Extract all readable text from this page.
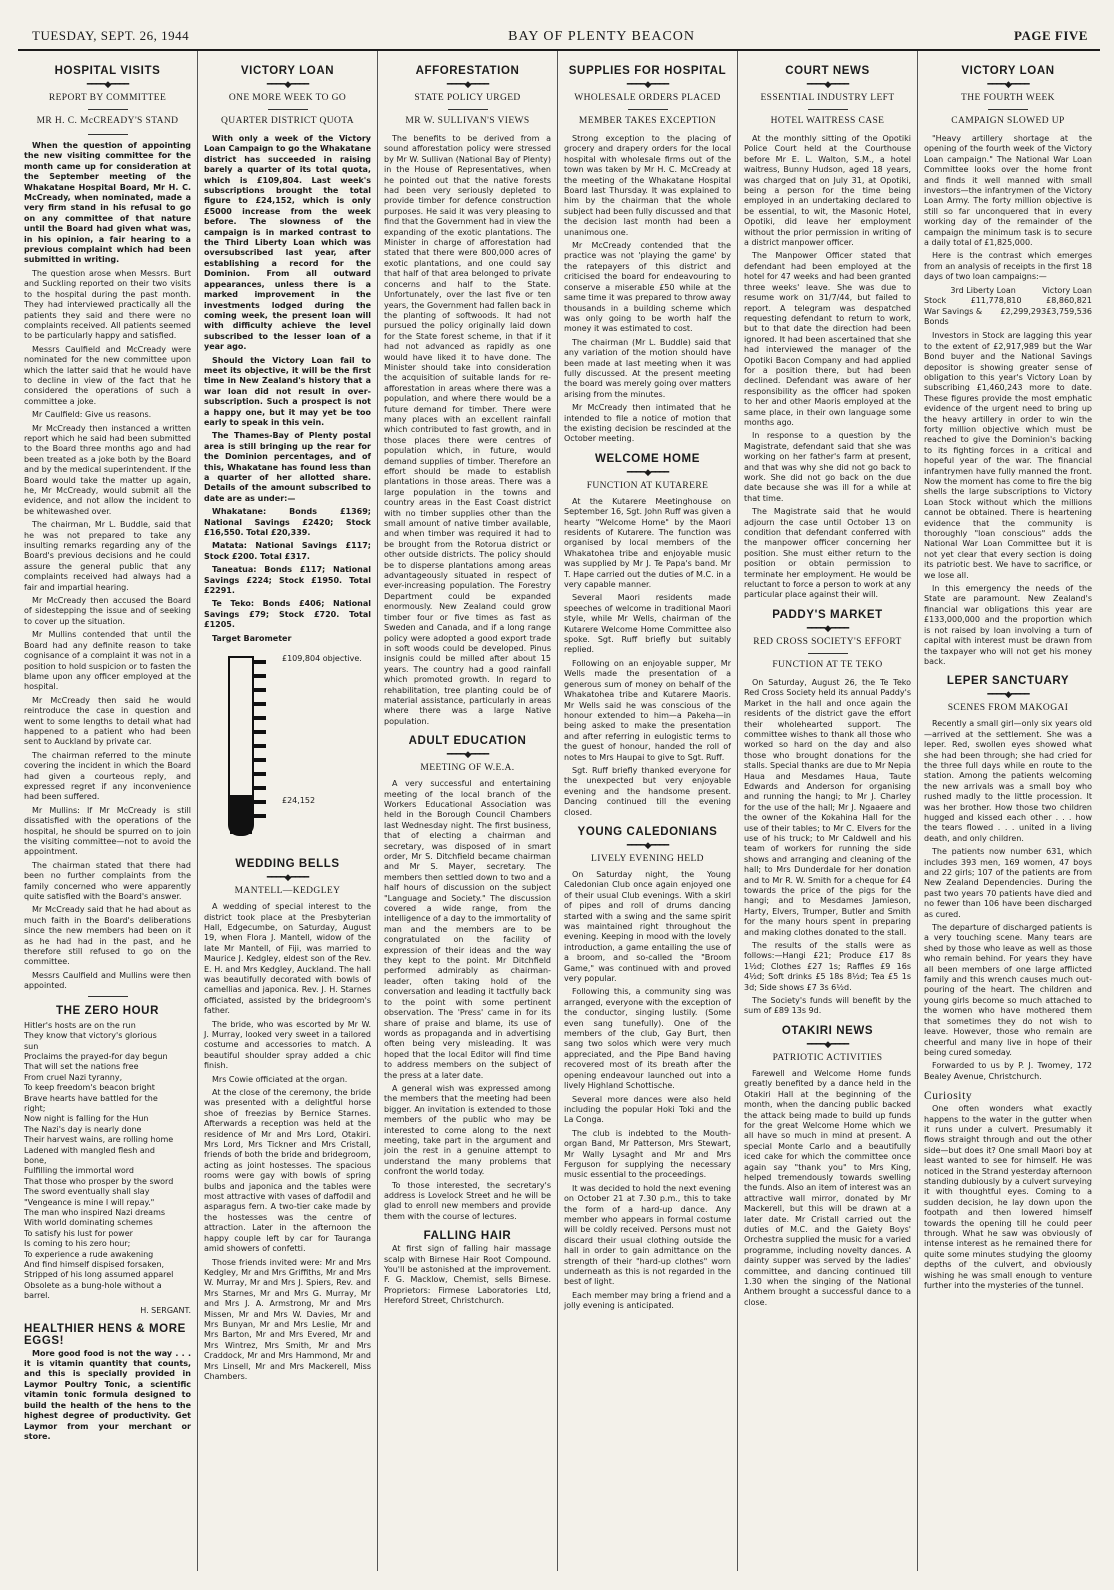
TUESDAY, SEPT. 26, 1944	BAY OF PLENTY BEACON	PAGE FIVE
HOSPITAL VISITS
━━━━◆━━━━
REPORT BY COMMITTEE
MR H. C. McCREADY'S STAND

When the question of appointing the new visiting committee for the month came up for consideration at the September meeting of the Whakatane Hospital Board, Mr H. C. McCready, when nominated, made a very firm stand in his refusal to go on any committee of that nature until the Board had given what was, in his opinion, a fair hearing to a previous complaint which had been submitted in writing.

The question arose when Messrs. Burt and Suckling reported on their two visits to the hospital during the past month. They had interviewed practically all the patients they said and there were no complaints received. All patients seemed to be particularly happy and satisfied.

Messrs Caulfield and McCready were nominated for the new committee upon which the latter said that he would have to decline in view of the fact that he considered the operations of such a committee a joke.

Mr Caulfield: Give us reasons.

Mr McCready then instanced a written report which he said had been submitted to the Board three months ago and had been treated as a joke both by the Board and by the medical superintendent. If the Board would take the matter up again, he, Mr McCready, would submit all the evidence, and not allow the incident to be whitewashed over.

The chairman, Mr L. Buddle, said that he was not prepared to take any insulting remarks regarding any of the Board's previous decisions and he could assure the general public that any complaints received had always had a fair and impartial hearing.

Mr McCready then accused the Board of sidestepping the issue and of seeking to cover up the situation.

Mr Mullins contended that until the Board had any definite reason to take cognisance of a complaint it was not in a position to hold suspicion or to fasten the blame upon any officer employed at the hospital.

Mr McCready then said he would reintroduce the case in question and went to some lengths to detail what had happened to a patient who had been sent to Auckland by private car.

The chairman referred to the minute covering the incident in which the Board had given a courteous reply, and expressed regret if any inconvenience had been suffered.

Mr Mullins: If Mr McCready is still dissatisfied with the operations of the hospital, he should be spurred on to join the visiting committee—not to avoid the appointment.

The chairman stated that there had been no further complaints from the family concerned who were apparently quite satisfied with the Board's answer.

Mr McCready said that he had about as much faith in the Board's deliberations since the new members had been on it as he had had in the past, and he therefore still refused to go on the committee.

Messrs Caulfield and Mullins were then appointed.

THE ZERO HOUR
Hitler's hosts are on the run
They know that victory's glorious
sun
Proclaims the prayed-for day begun
That will set the nations free
From cruel Nazi tyranny,
To keep freedom's beacon bright
Brave hearts have battled for the
right;
Now night is falling for the Hun
The Nazi's day is nearly done
Their harvest wains, are rolling home
Ladened with mangled flesh and
bone,
Fulfilling the immortal word
That those who prosper by the sword
The sword eventually shall slay
"Vengeance is mine I will repay."
The man who inspired Nazi dreams
With world dominating schemes
To satisfy his lust for power
Is coming to his zero hour;
To experience a rude awakening
And find himself dispised forsaken,
Stripped of his long assumed apparel
Obsolete as a bung-hole without a
barrel.
H. SERGANT.
HEALTHIER HENS & MORE EGGS!

More good food is not the way . . . it is vitamin quantity that counts, and this is specially provided in Laymor Poultry Tonic, a scientific vitamin tonic formula designed to build the health of the hens to the highest degree of productivity. Get Laymor from your merchant or store.

VICTORY LOAN
━━━━◆━━━━
ONE MORE WEEK TO GO
QUARTER DISTRICT QUOTA

With only a week of the Victory Loan Campaign to go the Whakatane district has succeeded in raising barely a quarter of its total quota, which is £109,804. Last week's subscriptions brought the total figure to £24,152, which is only £5000 increase from the week before. The slowness of the campaign is in marked contrast to the Third Liberty Loan which was oversubscribed last year, after establishing a record for the Dominion. From all outward appearances, unless there is a marked improvement in the investments lodged during the coming week, the present loan will with difficulty achieve the level subscribed to the lesser loan of a year ago.

Should the Victory Loan fail to meet its objective, it will be the first time in New Zealand's history that a war loan did not result in over-subscription. Such a prospect is not a happy one, but it may yet be too early to speak in this vein.

The Thames-Bay of Plenty postal area is still bringing up the rear for the Dominion percentages, and of this, Whakatane has found less than a quarter of her allotted share. Details of the amount subscribed to date are as under:—

Whakatane: Bonds £1369; National Savings £2420; Stock £16,550. Total £20,339.

Matata: National Savings £117; Stock £200. Total £317.

Taneatua: Bonds £117; National Savings £224; Stock £1950. Total £2291.

Te Teko: Bonds £406; National Savings £79; Stock £720. Total £1205.

Target Barometer

£109,804 objective.
£24,152
WEDDING BELLS
━━━━◆━━━━
MANTELL—KEDGLEY

A wedding of special interest to the district took place at the Presbyterian Hall, Edgecumbe, on Saturday, August 19, when Flora J. Mantell, widow of the late Mr Mantell, of Fiji, was married to Maurice J. Kedgley, eldest son of the Rev. E. H. and Mrs Kedgley, Auckland. The hall was beautifully decorated with bowls of camellias and japonica. Rev. J. H. Starnes officiated, assisted by the bridegroom's father.

The bride, who was escorted by Mr W. J. Murray, looked very sweet in a tailored costume and accessories to match. A beautiful shoulder spray added a chic finish.

Mrs Cowie officiated at the organ.

At the close of the ceremony, the bride was presented with a delightful horse shoe of freezias by Bernice Starnes. Afterwards a reception was held at the residence of Mr and Mrs Lord, Otakiri. Mrs Lord, Mrs Tickner and Mrs Cristall, friends of both the bride and bridegroom, acting as joint hostesses. The spacious rooms were gay with bowls of spring bulbs and japonica and the tables were most attractive with vases of daffodil and asparagus fern. A two-tier cake made by the hostesses was the centre of attraction. Later in the afternoon the happy couple left by car for Tauranga amid showers of confetti.

Those friends invited were: Mr and Mrs Kedgley, Mr and Mrs Griffiths, Mr and Mrs W. Murray, Mr and Mrs J. Spiers, Rev. and Mrs Starnes, Mr and Mrs G. Murray, Mr and Mrs J. A. Armstrong, Mr and Mrs Missen, Mr and Mrs W. Davies, Mr and Mrs Bunyan, Mr and Mrs Leslie, Mr and Mrs Barton, Mr and Mrs Evered, Mr and Mrs Wintrez, Mrs Smith, Mr and Mrs Craddock, Mr and Mrs Hammond, Mr and Mrs Linsell, Mr and Mrs Mackerell, Miss Chambers.

AFFORESTATION
━━━━◆━━━━
STATE POLICY URGED
MR W. SULLIVAN'S VIEWS

The benefits to be derived from a sound afforestation policy were stressed by Mr W. Sullivan (National Bay of Plenty) in the House of Representatives, when he pointed out that the native forests had been very seriously depleted to provide timber for defence construction purposes. He said it was very pleasing to find that the Government had in view the expanding of the exotic plantations. The Minister in charge of afforestation had stated that there were 800,000 acres of exotic plantations, and one could say that half of that area belonged to private concerns and half to the State. Unfortunately, over the last five or ten years, the Government had fallen back in the planting of softwoods. It had not pursued the policy originally laid down for the State forest scheme, in that if it had not advanced as rapidly as one would have liked it to have done. The Minister should take into consideration the acquisition of suitable lands for re-afforestation in areas where there was a population, and where there would be a future demand for timber. There were many places with an excellent rainfall which contributed to fast growth, and in those places there were centres of population which, in future, would demand supplies of timber. Therefore an effort should be made to establish plantations in those areas. There was a large population in the towns and country areas in the East Coast district with no timber supplies other than the small amount of native timber available, and when timber was required it had to be brought from the Rotorua district or other outside districts. The policy should be to disperse plantations among areas advantageously situated in respect of ever-increasing population. The Forestry Department could be expanded enormously. New Zealand could grow timber four or five times as fast as Sweden and Canada, and if a long range policy were adopted a good export trade in soft woods could be developed. Pinus insignis could be milled after about 15 years. The country had a good rainfall which promoted growth. In regard to rehabilitation, tree planting could be of material assistance, particularly in areas where there was a large Native population.

ADULT EDUCATION
━━━━◆━━━━
MEETING OF W.E.A.

A very successful and entertaining meeting of the local branch of the Workers Educational Association was held in the Borough Council Chambers last Wednesday night. The first business, that of electing a chairman and secretary, was disposed of in smart order, Mr S. Ditchfield became chairman and Mr S. Mayer, secretary. The members then settled down to two and a half hours of discussion on the subject "Language and Society." The discussion covered a wide range, from the intelligence of a day to the immortality of man and the members are to be congratulated on the facility of expression of their ideas and the way they kept to the point. Mr Ditchfield performed admirably as chairman-leader, often taking hold of the conversation and leading it tactfully back to the point with some pertinent observation. The 'Press' came in for its share of praise and blame, its use of words as propaganda and in advertising often being very misleading. It was hoped that the local Editor will find time to address members on the subject of the press at a later date.

A general wish was expressed among the members that the meeting had been bigger. An invitation is extended to those members of the public who may be interested to come along to the next meeting, take part in the argument and join the rest in a genuine attempt to understand the many problems that confront the world today.

To those interested, the secretary's address is Lovelock Street and he will be glad to enroll new members and provide them with the course of lectures.

FALLING HAIR

At first sign of falling hair massage scalp with Birnese Hair Root Compound. You'll be astonished at the improvement. F. G. Macklow, Chemist, sells Birnese. Proprietors: Firmese Laboratories Ltd, Hereford Street, Christchurch.

SUPPLIES FOR HOSPITAL
━━━━◆━━━━
WHOLESALE ORDERS PLACED
MEMBER TAKES EXCEPTION

Strong exception to the placing of grocery and drapery orders for the local hospital with wholesale firms out of the town was taken by Mr H. C. McCready at the meeting of the Whakatane Hospital Board last Thursday. It was explained to him by the chairman that the whole subject had been fully discussed and that the decision last month had been a unanimous one.

Mr McCready contended that the practice was not 'playing the game' by the ratepayers of this district and criticised the board for endeavouring to conserve a miserable £50 while at the same time it was prepared to throw away thousands in a building scheme which was only going to be worth half the money it was estimated to cost.

The chairman (Mr L. Buddle) said that any variation of the motion should have been made at last meeting when it was fully discussed. At the present meeting the board was merely going over matters arising from the minutes.

Mr McCready then intimated that he intended to file a notice of motion that the existing decision be rescinded at the October meeting.

WELCOME HOME
━━━━◆━━━━
FUNCTION AT KUTARERE

At the Kutarere Meetinghouse on September 16, Sgt. John Ruff was given a hearty "Welcome Home" by the Maori residents of Kutarere. The function was organised by local members of the Whakatohea tribe and enjoyable music was supplied by Mr J. Te Papa's band. Mr T. Hape carried out the duties of M.C. in a very capable manner.

Several Maori residents made speeches of welcome in traditional Maori style, while Mr Wells, chairman of the Kutarere Welcome Home Committee also spoke. Sgt. Ruff briefly but suitably replied.

Following on an enjoyable supper, Mr Wells made the presentation of a generous sum of money on behalf of the Whakatohea tribe and Kutarere Maoris. Mr Wells said he was conscious of the honour extended to him—a Pakeha—in being asked to make the presentation and after referring in eulogistic terms to the guest of honour, handed the roll of notes to Mrs Haupai to give to Sgt. Ruff.

Sgt. Ruff briefly thanked everyone for the unexpected but very enjoyable evening and the handsome present. Dancing continued till the evening closed.

YOUNG CALEDONIANS
━━━━◆━━━━
LIVELY EVENING HELD

On Saturday night, the Young Caledonian Club once again enjoyed one of their usual Club evenings. With a skirl of pipes and roll of drums dancing started with a swing and the same spirit was maintained right throughout the evening. Keeping in mood with the lovely introduction, a game entailing the use of a broom, and so-called the "Broom Game," was continued with and proved very popular.

Following this, a community sing was arranged, everyone with the exception of the conductor, singing lustily. (Some even sang tunefully). One of the members of the club, Gay Burt, then sang two solos which were very much appreciated, and the Pipe Band having recovered most of its breath after the opening endeavour launched out into a lively Highland Schottische.

Several more dances were also held including the popular Hoki Toki and the La Conga.

The club is indebted to the Mouth-organ Band, Mr Patterson, Mrs Stewart, Mr Wally Lysaght and Mr and Mrs Ferguson for supplying the necessary music essential to the proceedings.

It was decided to hold the next evening on October 21 at 7.30 p.m., this to take the form of a hard-up dance. Any member who appears in formal costume will be coldly received. Persons must not discard their usual clothing outside the hall in order to gain admittance on the strength of their "hard-up clothes" worn underneath as this is not regarded in the best of light.

Each member may bring a friend and a jolly evening is anticipated.

COURT NEWS
━━━━◆━━━━
ESSENTIAL INDUSTRY LEFT
HOTEL WAITRESS CASE

At the monthly sitting of the Opotiki Police Court held at the Courthouse before Mr E. L. Walton, S.M., a hotel waitress, Bunny Hudson, aged 18 years, was charged that on July 31, at Opotiki, being a person for the time being employed in an undertaking declared to be essential, to wit, the Masonic Hotel, Opotiki, did leave her employment without the prior permission in writing of a district manpower officer.

The Manpower Officer stated that defendant had been employed at the hotel for 47 weeks and had been granted three weeks' leave. She was due to resume work on 31/7/44, but failed to report. A telegram was despatched requesting defendant to return to work, but to that date the direction had been ignored. It had been ascertained that she had interviewed the manager of the Opotiki Bacon Company and had applied for a position there, but had been declined. Defendant was aware of her responsibility as the officer had spoken to her and other Maoris employed at the same place, in their own language some months ago.

In response to a question by the Magistrate, defendant said that she was working on her father's farm at present, and that was why she did not go back to work. She did not go back on the due date because she was ill for a while at that time.

The Magistrate said that he would adjourn the case until October 13 on condition that defendant conferred with the manpower officer concerning her position. She must either return to the position or obtain permission to terminate her employment. He would be reluctant to force a person to work at any particular place against their will.

PADDY'S MARKET
━━━━◆━━━━
RED CROSS SOCIETY'S EFFORT
FUNCTION AT TE TEKO

On Saturday, August 26, the Te Teko Red Cross Society held its annual Paddy's Market in the hall and once again the residents of the district gave the effort their wholehearted support. The committee wishes to thank all those who worked so hard on the day and also those who brought donations for the stalls. Special thanks are due to Mr Nepia Haua and Mesdames Haua, Taute Edwards and Anderson for organising and running the hangi; to Mr J. Charley for the use of the hall; Mr J. Ngaaere and the owner of the Kokahina Hall for the use of their tables; to Mr C. Elvers for the use of his truck; to Mr Caldwell and his team of workers for running the side shows and arranging and cleaning of the hall; to Mrs Dunderdale for her donation and to Mr R. W. Smith for a cheque for £4 towards the price of the pigs for the hangi; and to Mesdames Jamieson, Harty, Elvers, Trumper, Butler and Smith for the many hours spent in preparing and making clothes donated to the stall.

The results of the stalls were as follows:—Hangi £21; Produce £17 8s 1½d; Clothes £27 1s; Raffles £9 16s 4½d; Soft drinks £5 18s 8½d; Tea £5 1s 3d; Side shows £7 3s 6½d.

The Society's funds will benefit by the sum of £89 13s 9d.

OTAKIRI NEWS
━━━━◆━━━━
PATRIOTIC ACTIVITIES

Farewell and Welcome Home funds greatly benefited by a dance held in the Otakiri Hall at the beginning of the month, when the dancing public backed the attack being made to build up funds for the great Welcome Home which we all have so much in mind at present. A special Monte Carlo and a beautifully iced cake for which the committee once again say "thank you" to Mrs King, helped tremendously towards swelling the funds. Also an item of interest was an attractive wall mirror, donated by Mr Mackerell, but this will be drawn at a later date. Mr Cristall carried out the duties of M.C. and the Gaiety Boys' Orchestra supplied the music for a varied programme, including novelty dances. A dainty supper was served by the ladies' committee, and dancing continued till 1.30 when the singing of the National Anthem brought a successful dance to a close.

VICTORY LOAN
━━━━◆━━━━
THE FOURTH WEEK
CAMPAIGN SLOWED UP

"Heavy artillery shortage at the opening of the fourth week of the Victory Loan campaign." The National War Loan Committee looks over the home front and finds it well manned with small investors—the infantrymen of the Victory Loan Army. The forty million objective is still so far unconquered that in every working day of the remainder of the campaign the minimum task is to secure a daily total of £1,825,000.

Here is the contrast which emerges from an analysis of receipts in the first 18 days of two loan campaigns:—

3rd Liberty Loan	Victory Loan
Stock	£11,778,810	£8,860,821
War Savings & Bonds
£2,299,293 £3,759,536

Investors in Stock are lagging this year to the extent of £2,917,989 but the War Bond buyer and the National Savings depositor is showing greater sense of obligation to this year's Victory Loan by subscribing £1,460,243 more to date. These figures provide the most emphatic evidence of the urgent need to bring up the heavy artillery in order to win the forty million objective which must be reached to give the Dominion's backing to its fighting forces in a critical and hopeful year of the war. The financial infantrymen have fully manned the front. Now the moment has come to fire the big shells the large subscriptions to Victory Loan Stock without which the millions cannot be obtained. There is heartening evidence that the community is thoroughly "loan conscious" adds the National War Loan Committee but it is not yet clear that every section is doing its patriotic best. We have to sacrifice, or we lose all.

In this emergency the needs of the State are paramount. New Zealand's financial war obligations this year are £133,000,000 and the proportion which is not raised by loan involving a turn of capital with interest must be drawn from the taxpayer who will not get his money back.

LEPER SANCTUARY
━━━━◆━━━━
SCENES FROM MAKOGAI

Recently a small girl—only six years old—arrived at the settlement. She was a leper. Red, swollen eyes showed what she had been through; she had cried for the three full days while en route to the station. Among the patients welcoming the new arrivals was a small boy who rushed madly to the little procession. It was her brother. How those two children hugged and kissed each other . . . how the tears flowed . . . united in a living death, and only children.

The patients now number 631, which includes 393 men, 169 women, 47 boys and 22 girls; 107 of the patients are from New Zealand Dependencies. During the past two years 70 patients have died and no fewer than 106 have been discharged as cured.

The departure of discharged patients is a very touching scene. Many tears are shed by those who leave as well as those who remain behind. For years they have all been members of one large afflicted family and this wrench causes much out-pouring of the heart. The children and young girls become so much attached to the women who have mothered them that sometimes they do not wish to leave. However, those who remain are cheerful and many live in hope of their being cured someday.

Forwarded to us by P. J. Twomey, 172 Bealey Avenue, Christchurch.

Curiosity

One often wonders what exactly happens to the water in the gutter when it runs under a culvert. Presumably it flows straight through and out the other side—but does it? One small Maori boy at least wanted to see for himself. He was noticed in the Strand yesterday afternoon standing dubiously by a culvert surveying it with thoughtful eyes. Coming to a sudden decision, he lay down upon the footpath and then lowered himself towards the opening till he could peer through. What he saw was obviously of intense interest as he remained there for quite some minutes studying the gloomy depths of the culvert, and obviously wishing he was small enough to venture further into the mysteries of the tunnel.
